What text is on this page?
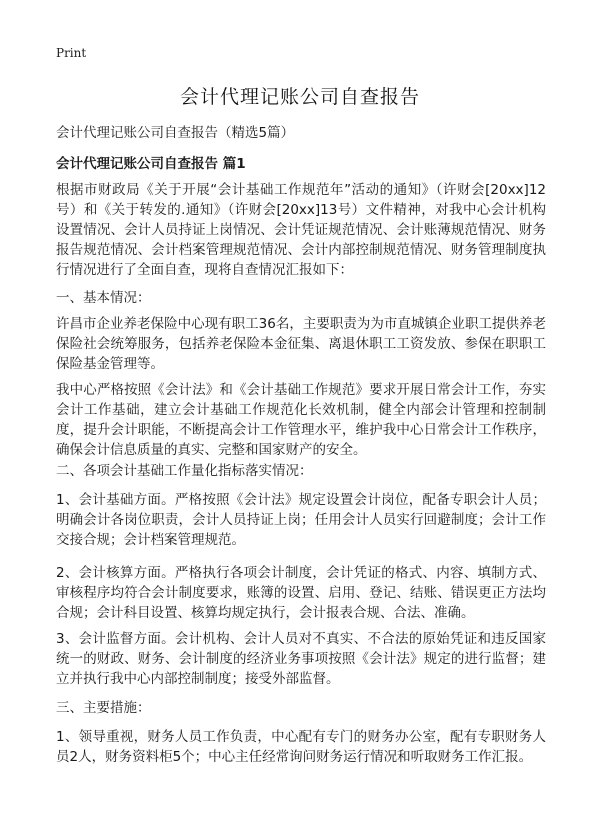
Print
会计代理记账公司自查报告
会计代理记账公司自查报告（精选5篇）
会计代理记账公司自查报告 篇1
根据市财政局《关于开展“会计基础工作规范年”活动的通知》（许财会[20xx]12号）和《关于转发的.通知》（许财会[20xx]13号）文件精神，对我中心会计机构设置情况、会计人员持证上岗情况、会计凭证规范情况、会计账薄规范情况、财务报告规范情况、会计档案管理规范情况、会计内部控制规范情况、财务管理制度执行情况进行了全面自查，现将自查情况汇报如下：
一、基本情况：
许昌市企业养老保险中心现有职工36名，主要职责为为市直城镇企业职工提供养老保险社会统筹服务，包括养老保险本金征集、离退休职工工资发放、参保在职职工保险基金管理等。
我中心严格按照《会计法》和《会计基础工作规范》要求开展日常会计工作，夯实会计工作基础，建立会计基础工作规范化长效机制，健全内部会计管理和控制制度，提升会计职能，不断提高会计工作管理水平，维护我中心日常会计工作秩序，确保会计信息质量的真实、完整和国家财产的安全。
二、各项会计基础工作量化指标落实情况：
1、会计基础方面。严格按照《会计法》规定设置会计岗位，配备专职会计人员；明确会计各岗位职责，会计人员持证上岗；任用会计人员实行回避制度；会计工作交接合规；会计档案管理规范。
2、会计核算方面。严格执行各项会计制度，会计凭证的格式、内容、填制方式、审核程序均符合会计制度要求，账簿的设置、启用、登记、结账、错误更正方法均合规；会计科目设置、核算均规定执行，会计报表合规、合法、准确。
3、会计监督方面。会计机构、会计人员对不真实、不合法的原始凭证和违反国家统一的财政、财务、会计制度的经济业务事项按照《会计法》规定的进行监督；建立并执行我中心内部控制制度；接受外部监督。
三、主要措施：
1、领导重视，财务人员工作负责，中心配有专门的财务办公室，配有专职财务人员2人，财务资料柜5个；中心主任经常询问财务运行情况和听取财务工作汇报。
